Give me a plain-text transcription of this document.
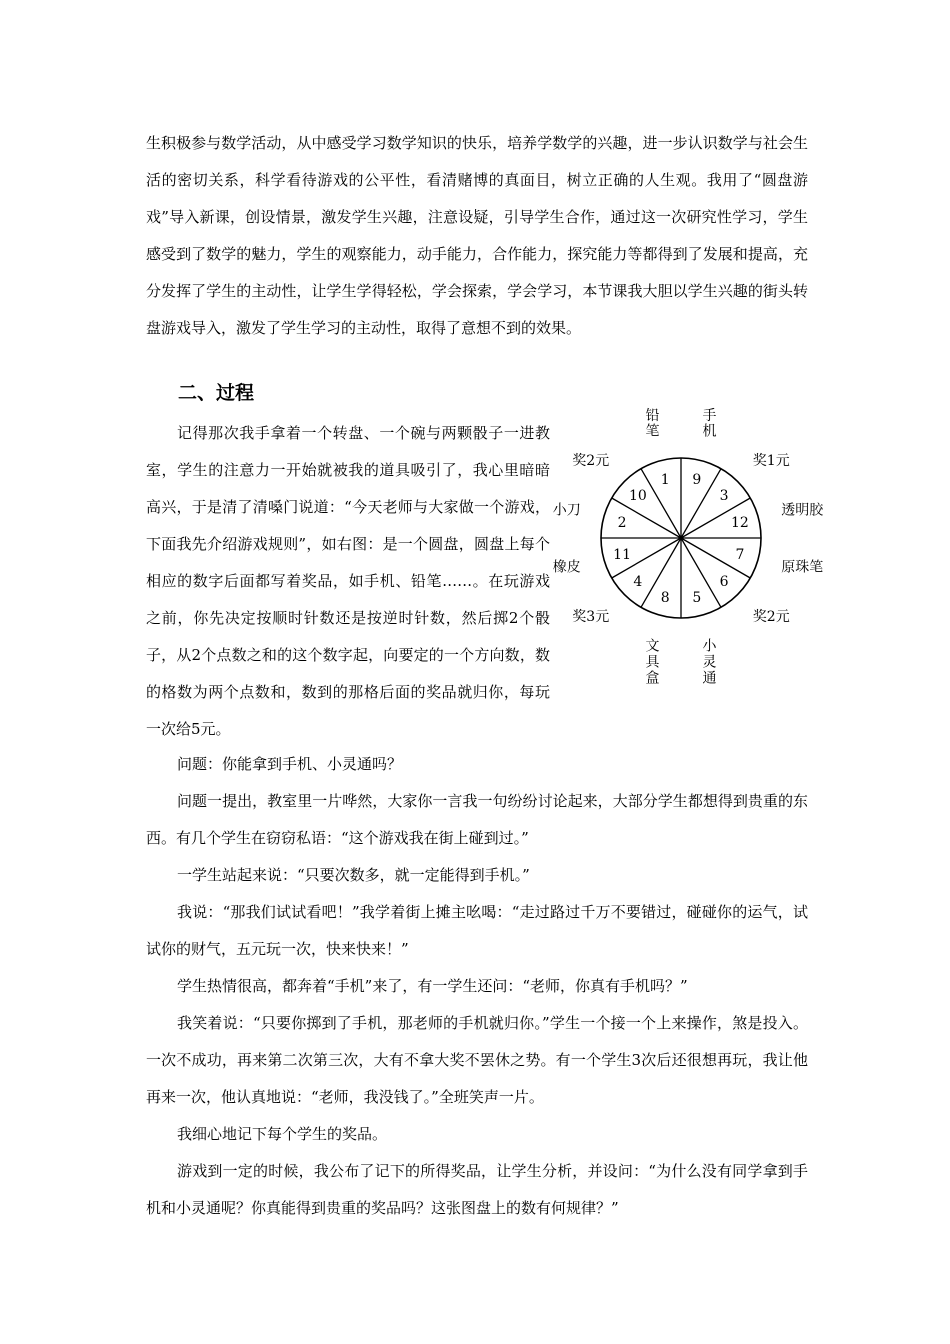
生积极参与数学活动，从中感受学习数学知识的快乐，培养学数学的兴趣，进一步认识数学与社会生活的密切关系，科学看待游戏的公平性，看清赌博的真面目，树立正确的人生观。我用了“圆盘游戏”导入新课，创设情景，激发学生兴趣，注意设疑，引导学生合作，通过这一次研究性学习，学生感受到了数学的魅力，学生的观察能力，动手能力，合作能力，探究能力等都得到了发展和提高，充分发挥了学生的主动性，让学生学得轻松，学会探索，学会学习，本节课我大胆以学生兴趣的街头转盘游戏导入，激发了学生学习的主动性，取得了意想不到的效果。

二、过程

记得那次我手拿着一个转盘、一个碗与两颗骰子一进教室，学生的注意力一开始就被我的道具吸引了，我心里暗暗高兴，于是清了清嗓门说道：“今天老师与大家做一个游戏，下面我先介绍游戏规则”，如右图：是一个圆盘，圆盘上每个相应的数字后面都写着奖品，如手机、铅笔……。在玩游戏之前，你先决定按顺时针数还是按逆时针数，然后掷2个骰子，从2个点数之和的这个数字起，向要定的一个方向数，数的格数为两个点数和，数到的那格后面的奖品就归你，每玩一次给5元。

9
3
12
7
6
5
8
4
11
2
10
1
手
机
奖1元
透明胶
原珠笔
奖2元
小
灵
通
文
具
盒
奖3元
橡皮
小刀
奖2元
铅
笔

问题：你能拿到手机、小灵通吗？

问题一提出，教室里一片哗然，大家你一言我一句纷纷讨论起来，大部分学生都想得到贵重的东西。有几个学生在窃窃私语：“这个游戏我在街上碰到过。”

一学生站起来说：“只要次数多，就一定能得到手机。”

我说：“那我们试试看吧！”我学着街上摊主吆喝：“走过路过千万不要错过，碰碰你的运气，试试你的财气，五元玩一次，快来快来！”

学生热情很高，都奔着“手机”来了，有一学生还问：“老师，你真有手机吗？”

我笑着说：“只要你掷到了手机，那老师的手机就归你。”学生一个接一个上来操作，煞是投入。一次不成功，再来第二次第三次，大有不拿大奖不罢休之势。有一个学生3次后还很想再玩，我让他再来一次，他认真地说：“老师，我没钱了。”全班笑声一片。

我细心地记下每个学生的奖品。

游戏到一定的时候，我公布了记下的所得奖品，让学生分析，并设问：“为什么没有同学拿到手机和小灵通呢？你真能得到贵重的奖品吗？这张图盘上的数有何规律？”
